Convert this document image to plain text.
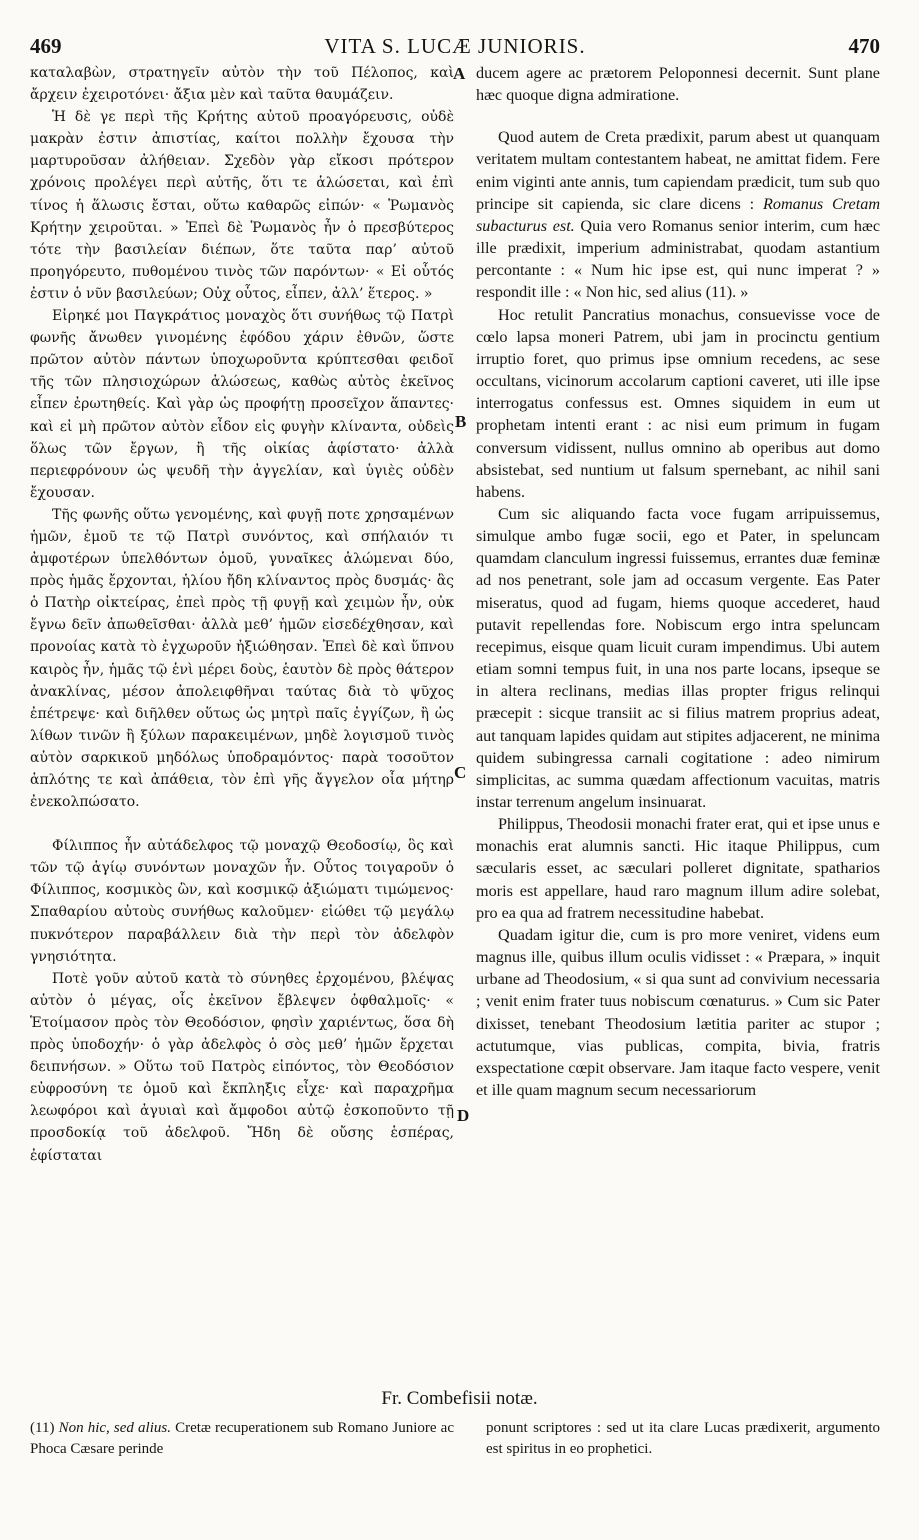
469	VITA S. LUCÆ JUNIORIS.	470
A
B
C
D

καταλαβὼν, στρατηγεῖν αὐτὸν τὴν τοῦ Πέλοπος, καὶ ἄρχειν ἐχειροτόνει· ἄξια μὲν καὶ ταῦτα θαυμάζειν.

Ἡ δὲ γε περὶ τῆς Κρήτης αὐτοῦ προαγόρευσις, οὐδὲ μακρὰν ἐστιν ἀπιστίας, καίτοι πολλὴν ἔχουσα τὴν μαρτυροῦσαν ἀλήθειαν. Σχεδὸν γὰρ εἴκοσι πρότερον χρόνοις προλέγει περὶ αὐτῆς, ὅτι τε ἁλώσεται, καὶ ἐπὶ τίνος ἡ ἅλωσις ἔσται, οὕτω καθαρῶς εἰπών· « Ῥωμανὸς Κρήτην χειροῦται. » Ἐπεὶ δὲ Ῥωμανὸς ἦν ὁ πρεσβύτερος τότε τὴν βασιλείαν διέπων, ὅτε ταῦτα παρ’ αὐτοῦ προηγόρευτο, πυθομένου τινὸς τῶν παρόντων· « Εἰ οὗτός ἐστιν ὁ νῦν βασιλεύων; Οὐχ οὗτος, εἶπεν, ἀλλ’ ἕτερος. »

Εἰρηκέ μοι Παγκράτιος μοναχὸς ὅτι συνήθως τῷ Πατρὶ φωνῆς ἄνωθεν γινομένης ἐφόδου χάριν ἐθνῶν, ὥστε πρῶτον αὐτὸν πάντων ὑποχωροῦντα κρύπτεσθαι φειδοῖ τῆς τῶν πλησιοχώρων ἁλώσεως, καθὼς αὐτὸς ἐκεῖνος εἶπεν ἐρωτηθείς. Καὶ γὰρ ὡς προφήτῃ προσεῖχον ἅπαντες· καὶ εἰ μὴ πρῶτον αὐτὸν εἶδον εἰς φυγὴν κλίναντα, οὐδεὶς ὅλως τῶν ἔργων, ἢ τῆς οἰκίας ἀφίστατο· ἀλλὰ περιεφρόνουν ὡς ψευδῆ τὴν ἀγγελίαν, καὶ ὑγιὲς οὐδὲν ἔχουσαν.

Τῆς φωνῆς οὕτω γενομένης, καὶ φυγῇ ποτε χρησαμένων ἡμῶν, ἐμοῦ τε τῷ Πατρὶ συνόντος, καὶ σπήλαιόν τι ἀμφοτέρων ὑπελθόντων ὁμοῦ, γυναῖκες ἁλώμεναι δύο, πρὸς ἡμᾶς ἔρχονται, ἡλίου ἤδη κλίναντος πρὸς δυσμάς· ἃς ὁ Πατὴρ οἰκτείρας, ἐπεὶ πρὸς τῇ φυγῇ καὶ χειμὼν ἦν, οὐκ ἔγνω δεῖν ἀπωθεῖσθαι· ἀλλὰ μεθ’ ἡμῶν εἰσεδέχθησαν, καὶ προνοίας κατὰ τὸ ἐγχωροῦν ἠξιώθησαν. Ἐπεὶ δὲ καὶ ὕπνου καιρὸς ἦν, ἡμᾶς τῷ ἑνὶ μέρει δοὺς, ἑαυτὸν δὲ πρὸς θάτερον ἀνακλίνας, μέσον ἀπολειφθῆναι ταύτας διὰ τὸ ψῦχος ἐπέτρεψε· καὶ διῆλθεν οὕτως ὡς μητρὶ παῖς ἐγγίζων, ἢ ὡς λίθων τινῶν ἢ ξύλων παρακειμένων, μηδὲ λογισμοῦ τινὸς αὐτὸν σαρκικοῦ μηδόλως ὑποδραμόντος· παρὰ τοσοῦτον ἁπλότης τε καὶ ἀπάθεια, τὸν ἐπὶ γῆς ἄγγελον οἷα μήτηρ ἐνεκολπώσατο.

Φίλιππος ἦν αὐτάδελφος τῷ μοναχῷ Θεοδοσίῳ, ὃς καὶ τῶν τῷ ἁγίῳ συνόντων μοναχῶν ἦν. Οὗτος τοιγαροῦν ὁ Φίλιππος, κοσμικὸς ὢν, καὶ κοσμικῷ ἀξιώματι τιμώμενος· Σπαθαρίου αὐτοὺς συνήθως καλοῦμεν· εἰώθει τῷ μεγάλῳ πυκνότερον παραβάλλειν διὰ τὴν περὶ τὸν ἀδελφὸν γνησιότητα.

Ποτὲ γοῦν αὐτοῦ κατὰ τὸ σύνηθες ἐρχομένου, βλέψας αὐτὸν ὁ μέγας, οἷς ἐκεῖνον ἔβλεψεν ὀφθαλμοῖς· « Ἑτοίμασον πρὸς τὸν Θεοδόσιον, φησὶν χαριέντως, ὅσα δὴ πρὸς ὑποδοχήν· ὁ γὰρ ἀδελφὸς ὁ σὸς μεθ’ ἡμῶν ἔρχεται δειπνήσων. » Οὕτω τοῦ Πατρὸς εἰπόντος, τὸν Θεοδόσιον εὐφροσύνη τε ὁμοῦ καὶ ἔκπληξις εἶχε· καὶ παραχρῆμα λεωφόροι καὶ ἀγυιαὶ καὶ ἄμφοδοι αὐτῷ ἐσκοποῦντο τῇ προσδοκίᾳ τοῦ ἀδελφοῦ. Ἤδη δὲ οὔσης ἑσπέρας, ἐφίσταται

ducem agere ac prætorem Peloponnesi decernit. Sunt plane hæc quoque digna admiratione.

Quod autem de Creta prædixit, parum abest ut quanquam veritatem multam contestantem habeat, ne amittat fidem. Fere enim viginti ante annis, tum capiendam prædicit, tum sub quo principe sit capienda, sic clare dicens : Romanus Cretam subacturus est. Quia vero Romanus senior interim, cum hæc ille prædixit, imperium administrabat, quodam astantium percontante : « Num hic ipse est, qui nunc imperat ? » respondit ille : « Non hic, sed alius (11). »

Hoc retulit Pancratius monachus, consuevisse voce de cœlo lapsa moneri Patrem, ubi jam in procinctu gentium irruptio foret, quo primus ipse omnium recedens, ac sese occultans, vicinorum accolarum captioni caveret, uti ille ipse interrogatus confessus est. Omnes siquidem in eum ut prophetam intenti erant : ac nisi eum primum in fugam conversum vidissent, nullus omnino ab operibus aut domo absistebat, sed nuntium ut falsum spernebant, ac nihil sani habens.

Cum sic aliquando facta voce fugam arripuissemus, simulque ambo fugæ socii, ego et Pater, in speluncam quamdam clanculum ingressi fuissemus, errantes duæ feminæ ad nos penetrant, sole jam ad occasum vergente. Eas Pater miseratus, quod ad fugam, hiems quoque accederet, haud putavit repellendas fore. Nobiscum ergo intra speluncam recepimus, eisque quam licuit curam impendimus. Ubi autem etiam somni tempus fuit, in una nos parte locans, ipseque se in altera reclinans, medias illas propter frigus relinqui præcepit : sicque transiit ac si filius matrem proprius adeat, aut tanquam lapides quidam aut stipites adjacerent, ne minima quidem subingressa carnali cogitatione : adeo nimirum simplicitas, ac summa quædam affectionum vacuitas, matris instar terrenum angelum insinuarat.

Philippus, Theodosii monachi frater erat, qui et ipse unus e monachis erat alumnis sancti. Hic itaque Philippus, cum sæcularis esset, ac sæculari polleret dignitate, spatharios moris est appellare, haud raro magnum illum adire solebat, pro ea qua ad fratrem necessitudine habebat.

Quadam igitur die, cum is pro more veniret, videns eum magnus ille, quibus illum oculis vidisset : « Præpara, » inquit urbane ad Theodosium, « si qua sunt ad convivium necessaria ; venit enim frater tuus nobiscum cœnaturus. » Cum sic Pater dixisset, tenebant Theodosium lætitia pariter ac stupor ; actutumque, vias publicas, compita, bivia, fratris exspectatione cœpit observare. Jam itaque facto vespere, venit et ille quam magnum secum necessariorum

Fr. Combefisii notæ.

(11) Non hic, sed alius. Cretæ recuperationem sub Romano Juniore ac Phoca Cæsare perinde

ponunt scriptores : sed ut ita clare Lucas prædixerit, argumento est spiritus in eo prophetici.
